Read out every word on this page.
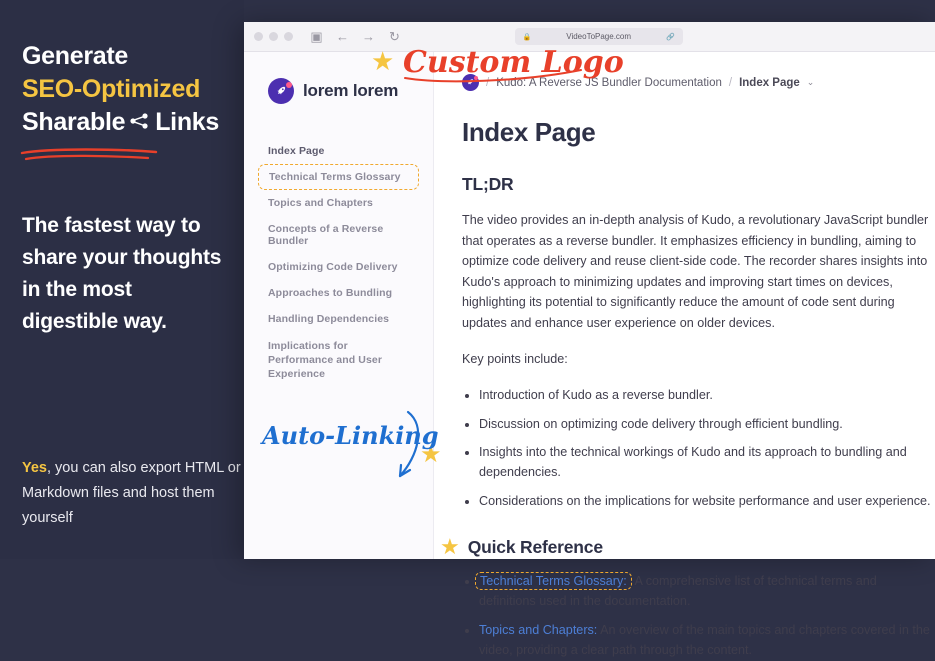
Generate
SEO-Optimized
Sharable Links

The fastest way to share your thoughts in the most digestible way.
Yes, you can also export HTML or Markdown files and host them yourself
▣ ← → ↻	🔒	VideoToPage.com	🔗
lorem lorem
Index Page
Technical Terms Glossary
Topics and Chapters
Concepts of a Reverse Bundler
Optimizing Code Delivery
Approaches to Bundling
Handling Dependencies
Implications for Performance and User Experience
/ Kudo: A Reverse JS Bundler Documentation / Index Page ⌄
Index Page
TL;DR

The video provides an in-depth analysis of Kudo, a revolutionary JavaScript bundler that operates as a reverse bundler. It emphasizes efficiency in bundling, aiming to optimize code delivery and reuse client-side code. The recorder shares insights into Kudo's approach to minimizing updates and improving start times on devices, highlighting its potential to significantly reduce the amount of code sent during updates and enhance user experience on older devices.

Key points include:

• Introduction of Kudo as a reverse bundler.
• Discussion on optimizing code delivery through efficient bundling.
• Insights into the technical workings of Kudo and its approach to bundling and dependencies.
• Considerations on the implications for website performance and user experience.
★ Quick Reference
• Technical Terms Glossary: A comprehensive list of technical terms and definitions used in the documentation.
• Topics and Chapters: An overview of the main topics and chapters covered in the video, providing a clear path through the content.
★
★
Custom Logo
Auto-Linking
